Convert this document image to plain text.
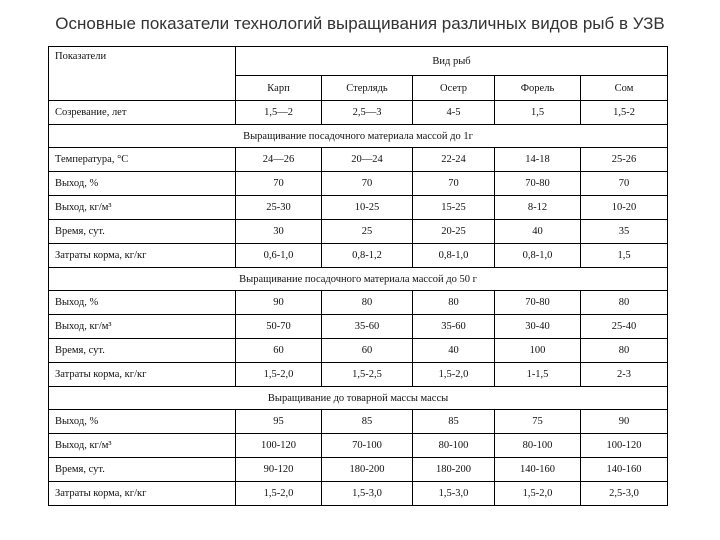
Основные показатели технологий выращивания различных видов рыб в УЗВ
Показатели	Вид рыб				
	Карп	Стерлядь	Осетр	Форель	Сом
Созревание, лет	1,5—2	2,5—3	4-5	1,5	1,5-2
Выращивание посадочного материала массой до 1г					
Температура, °С	24—26	20—24	22-24	14-18	25-26
Выход, %	70	70	70	70-80	70
Выход, кг/м³	25-30	10-25	15-25	8-12	10-20
Время, сут.	30	25	20-25	40	35
Затраты корма, кг/кг	0,6-1,0	0,8-1,2	0,8-1,0	0,8-1,0	1,5
Выращивание посадочного материала массой до 50 г					
Выход, %	90	80	80	70-80	80
Выход, кг/м³	50-70	35-60	35-60	30-40	25-40
Время, сут.	60	60	40	100	80
Затраты корма, кг/кг	1,5-2,0	1,5-2,5	1,5-2,0	1-1,5	2-3
Выращивание до товарной массы массы					
Выход, %	95	85	85	75	90
Выход, кг/м³	100-120	70-100	80-100	80-100	100-120
Время, сут.	90-120	180-200	180-200	140-160	140-160
Затраты корма, кг/кг	1,5-2,0	1,5-3,0	1,5-3,0	1,5-2,0	2,5-3,0
